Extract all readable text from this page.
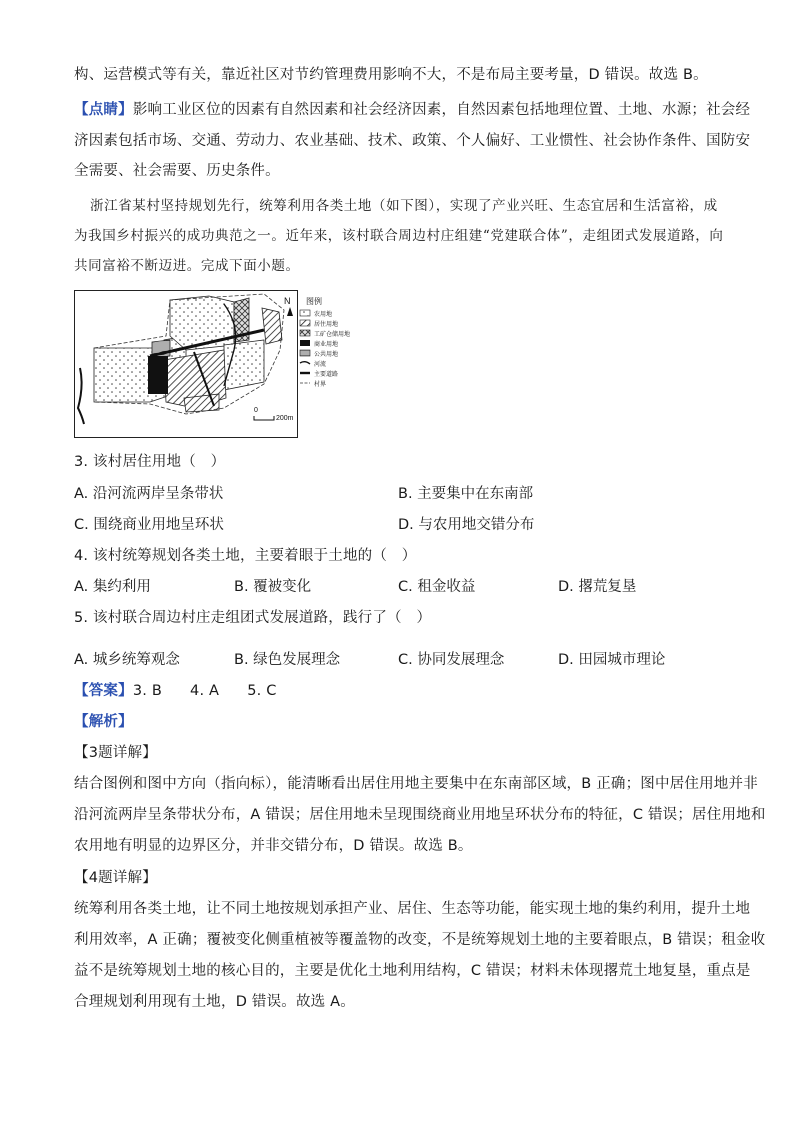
构、运营模式等有关，靠近社区对节约管理费用影响不大，不是布局主要考量，D 错误。故选 B。
【点睛】影响工业区位的因素有自然因素和社会经济因素，自然因素包括地理位置、土地、水源；社会经
济因素包括市场、交通、劳动力、农业基础、技术、政策、个人偏好、工业惯性、社会协作条件、国防安
全需要、社会需要、历史条件。
浙江省某村坚持规划先行，统筹利用各类土地（如下图），实现了产业兴旺、生态宜居和生活富裕，成
为我国乡村振兴的成功典范之一。近年来，该村联合周边村庄组建“党建联合体”，走组团式发展道路，向
共同富裕不断迈进。完成下面小题。
N
200m
0
图例
农用地
居住用地
工矿仓储用地
商业用地
公共用地
河流
主要道路
村界
3. 该村居住用地（　）
A. 沿河流两岸呈条带状	B. 主要集中在东南部
C. 围绕商业用地呈环状	D. 与农用地交错分布
4. 该村统筹规划各类土地，主要着眼于土地的（　）
A. 集约利用	B. 覆被变化	C. 租金收益	D. 撂荒复垦
5. 该村联合周边村庄走组团式发展道路，践行了（　）
A. 城乡统筹观念	B. 绿色发展理念	C. 协同发展理念	D. 田园城市理论
【答案】3. B 4. A 5. C
【解析】
【3题详解】
结合图例和图中方向（指向标），能清晰看出居住用地主要集中在东南部区域，B 正确；图中居住用地并非
沿河流两岸呈条带状分布，A 错误；居住用地未呈现围绕商业用地呈环状分布的特征，C 错误；居住用地和
农用地有明显的边界区分，并非交错分布，D 错误。故选 B。
【4题详解】
统筹利用各类土地，让不同土地按规划承担产业、居住、生态等功能，能实现土地的集约利用，提升土地
利用效率，A 正确；覆被变化侧重植被等覆盖物的改变，不是统筹规划土地的主要着眼点，B 错误；租金收
益不是统筹规划土地的核心目的，主要是优化土地利用结构，C 错误；材料未体现撂荒土地复垦，重点是
合理规划利用现有土地，D 错误。故选 A。
